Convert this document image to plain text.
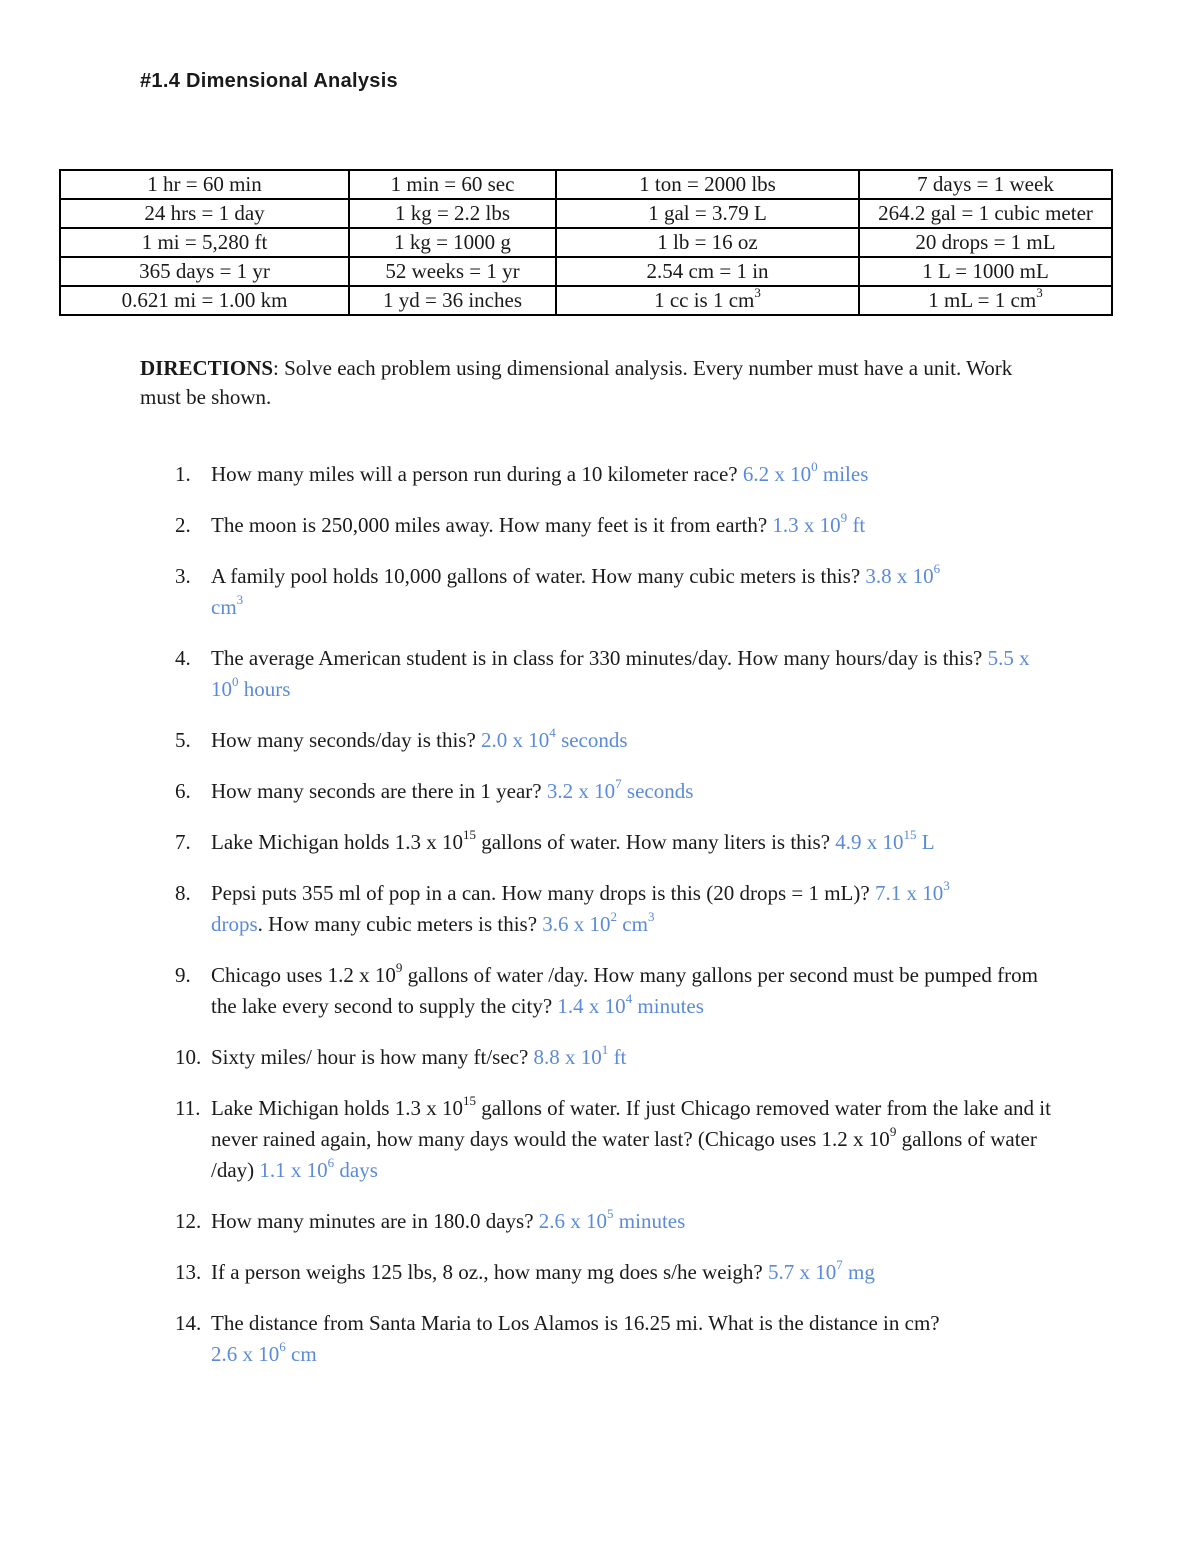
#1.4 Dimensional Analysis
1 hr = 60 min	1 min = 60 sec	1 ton = 2000 lbs	7 days = 1 week
24 hrs = 1 day	1 kg = 2.2 lbs	1 gal = 3.79 L	264.2 gal = 1 cubic meter
1 mi = 5,280 ft	1 kg = 1000 g	1 lb = 16 oz	20 drops = 1 mL
365 days = 1 yr	52 weeks = 1 yr	2.54 cm = 1 in	1 L = 1000 mL
0.621 mi = 1.00 km	1 yd = 36 inches	1 cc is 1 $cm^3$	1 mL = 1 $cm^3$
DIRECTIONS: Solve each problem using dimensional analysis. Every number must have a unit. Work must be shown.
1. How many miles will a person run during a 10 kilometer race? 6.2 x $10^0$ miles
2. The moon is 250,000 miles away. How many feet is it from earth? 1.3 x $10^9$ ft
3. A family pool holds 10,000 gallons of water. How many cubic meters is this? 3.8 x $10^6$
$cm^3$
4. The average American student is in class for 330 minutes/day. How many hours/day is this? 5.5 x $10^0$ hours
5. How many seconds/day is this? 2.0 x $10^4$ seconds
6. How many seconds are there in 1 year? 3.2 x $10^7$ seconds
7. Lake Michigan holds 1.3 x $10^{15}$ gallons of water. How many liters is this? 4.9 x $10^{15}$ L
8. Pepsi puts 355 ml of pop in a can. How many drops is this (20 drops = 1 mL)? 7.1 x $10^3$
drops. How many cubic meters is this? 3.6 x $10^2$ $cm^3$
9. Chicago uses 1.2 x $10^9$ gallons of water /day. How many gallons per second must be pumped from the lake every second to supply the city? 1.4 x $10^4$ minutes
10. Sixty miles/ hour is how many ft/sec? 8.8 x $10^1$ ft
11. Lake Michigan holds 1.3 x $10^{15}$ gallons of water. If just Chicago removed water from the lake and it never rained again, how many days would the water last? (Chicago uses 1.2 x $10^9$ gallons of water /day) 1.1 x $10^6$ days
12. How many minutes are in 180.0 days? 2.6 x $10^5$ minutes
13. If a person weighs 125 lbs, 8 oz., how many mg does s/he weigh? 5.7 x $10^7$ mg
14. The distance from Santa Maria to Los Alamos is 16.25 mi. What is the distance in cm?
2.6 x $10^6$ cm
